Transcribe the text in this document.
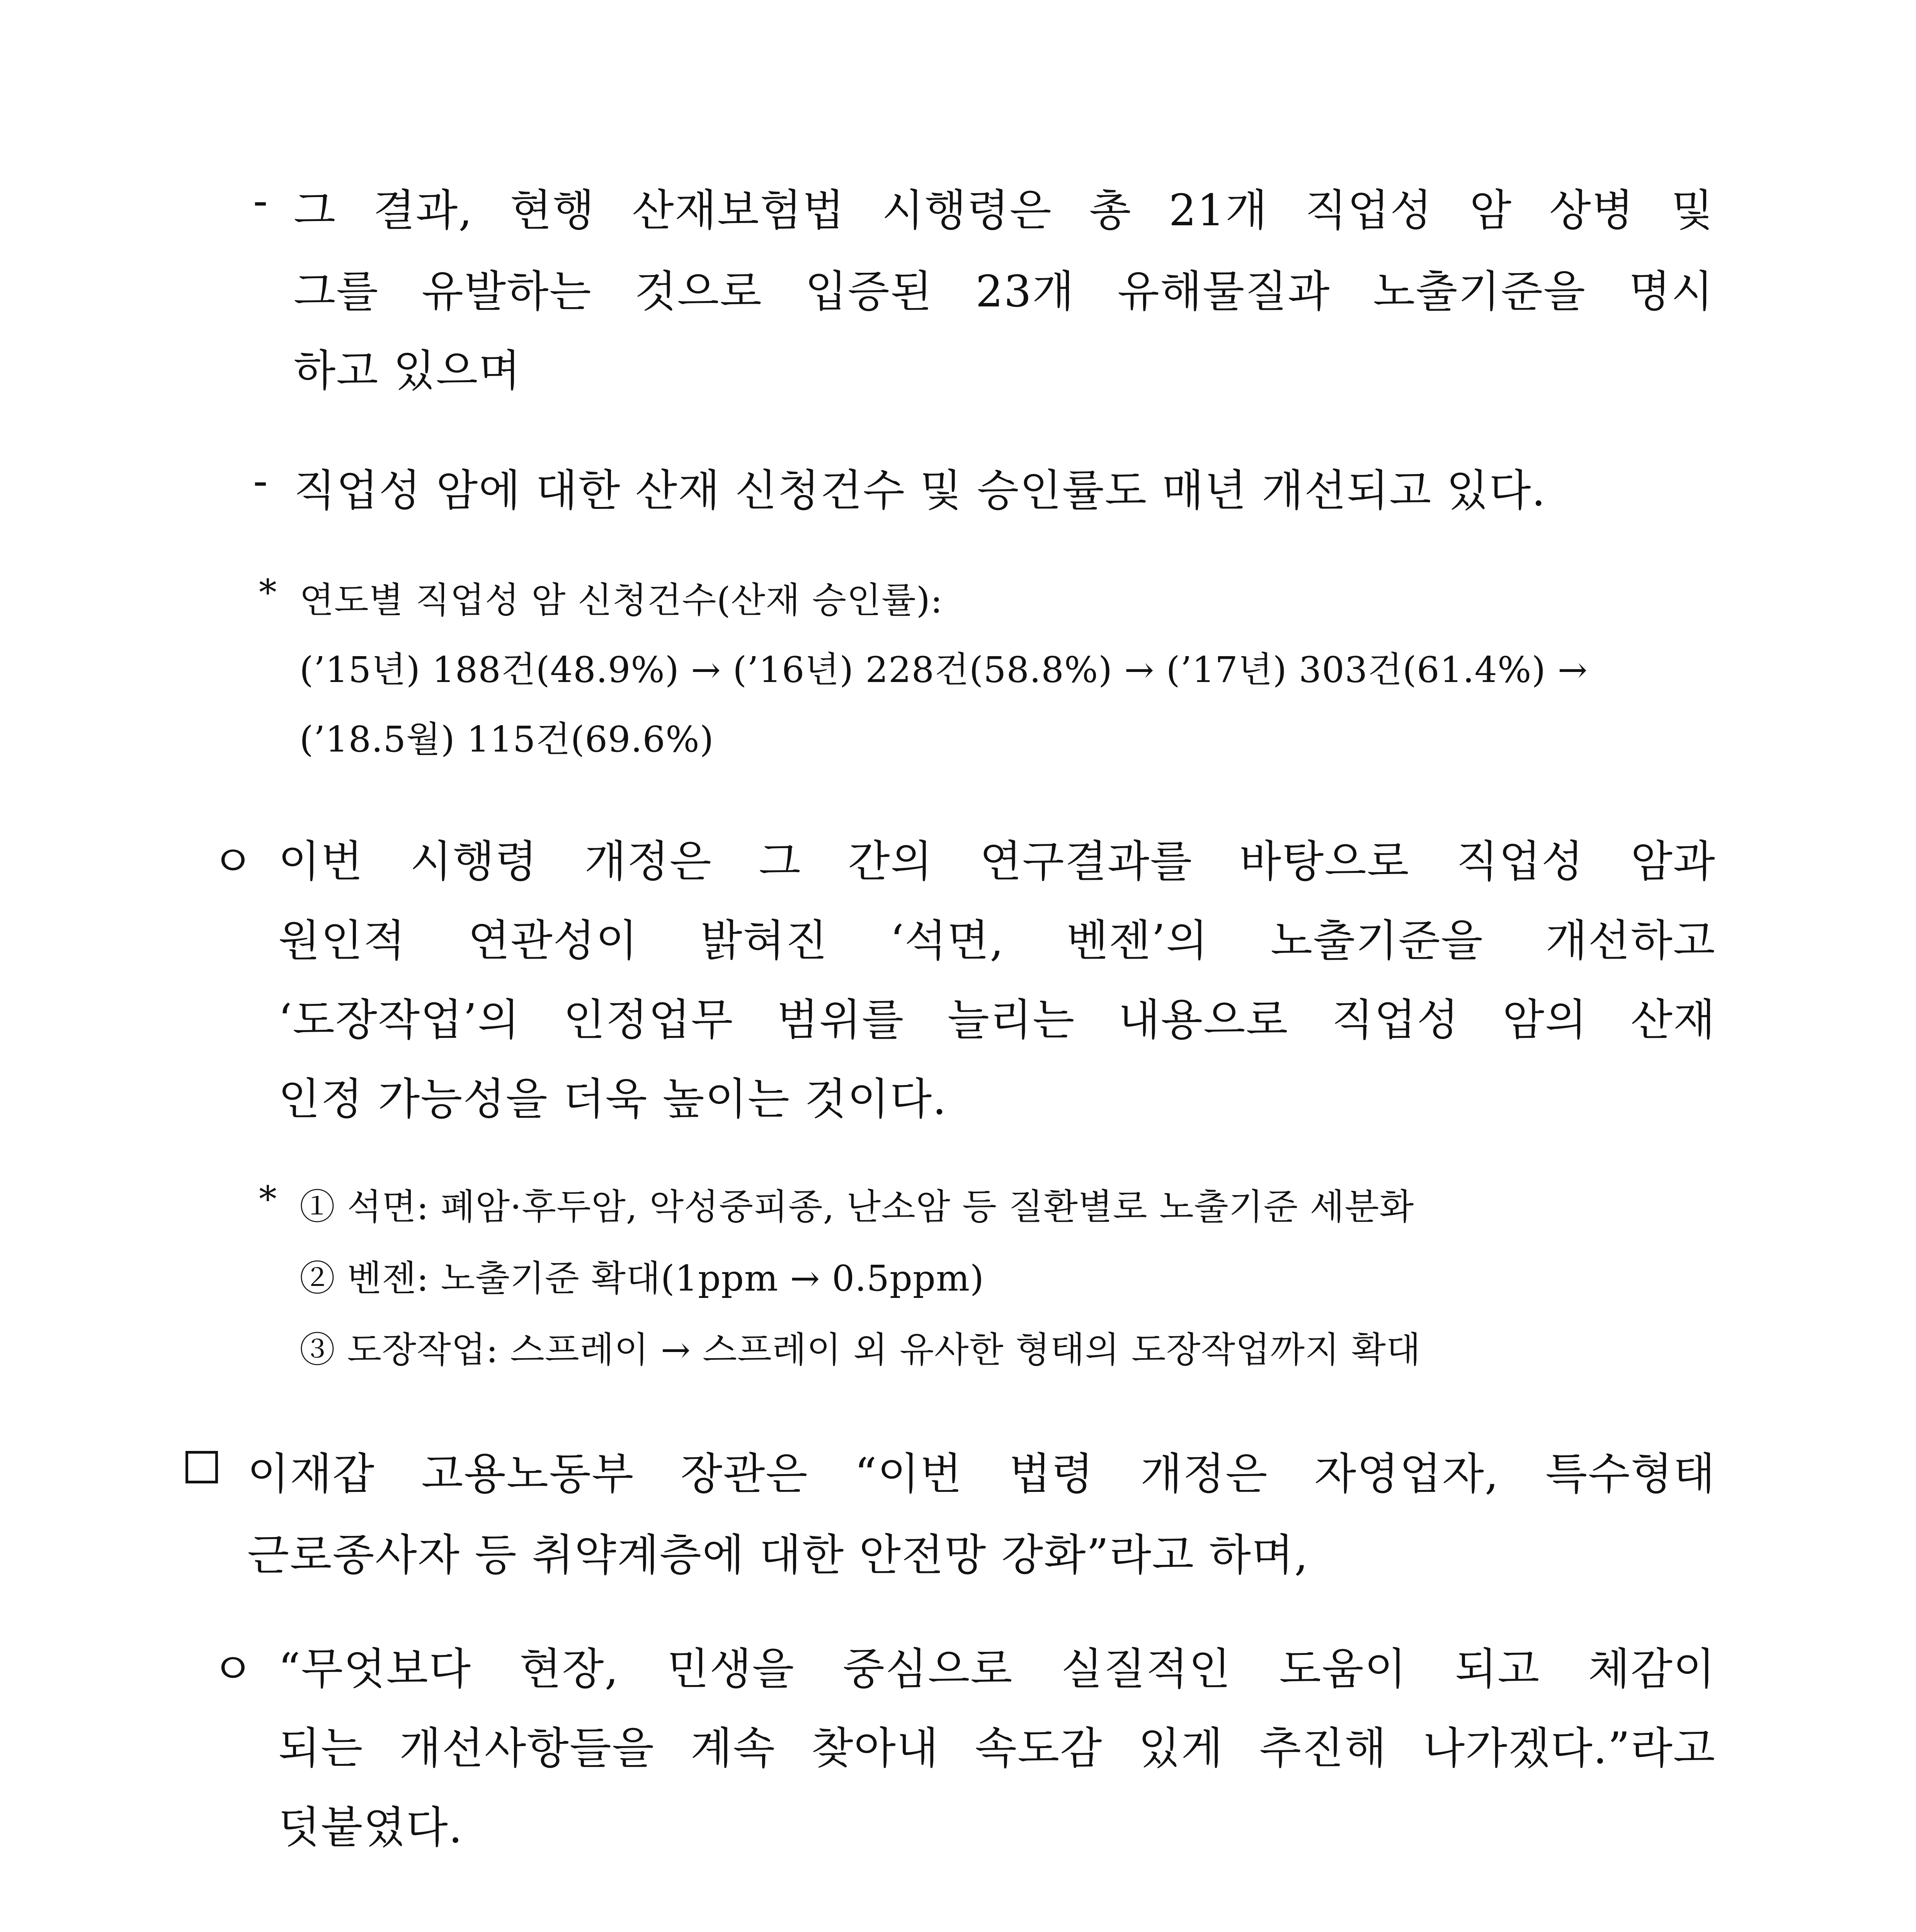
- 그 결과, 현행 산재보험법 시행령은 총 21개 직업성 암 상병 및
그를 유발하는 것으로 입증된 23개 유해물질과 노출기준을 명시
하고 있으며
- 직업성 암에 대한 산재 신청건수 및 승인률도 매년 개선되고 있다.
* 연도별 직업성 암 신청건수(산재 승인률):
(’15년) 188건(48.9%) → (’16년) 228건(58.8%) → (’17년) 303건(61.4%) →
(’18.5월) 115건(69.6%)
ㅇ 이번 시행령 개정은 그 간의 연구결과를 바탕으로 직업성 암과
원인적 연관성이 밝혀진 ‘석면, 벤젠’의 노출기준을 개선하고
‘도장작업’의 인정업무 범위를 늘리는 내용으로 직업성 암의 산재
인정 가능성을 더욱 높이는 것이다.
* ① 석면: 폐암·후두암, 악성중피종, 난소암 등 질환별로 노출기준 세분화
② 벤젠: 노출기준 확대(1ppm → 0.5ppm)
③ 도장작업: 스프레이 → 스프레이 외 유사한 형태의 도장작업까지 확대
이재갑 고용노동부 장관은 “이번 법령 개정은 자영업자, 특수형태
근로종사자 등 취약계층에 대한 안전망 강화”라고 하며,
ㅇ “무엇보다 현장, 민생을 중심으로 실질적인 도움이 되고 체감이
되는 개선사항들을 계속 찾아내 속도감 있게 추진해 나가겠다.”라고
덧붙였다.
